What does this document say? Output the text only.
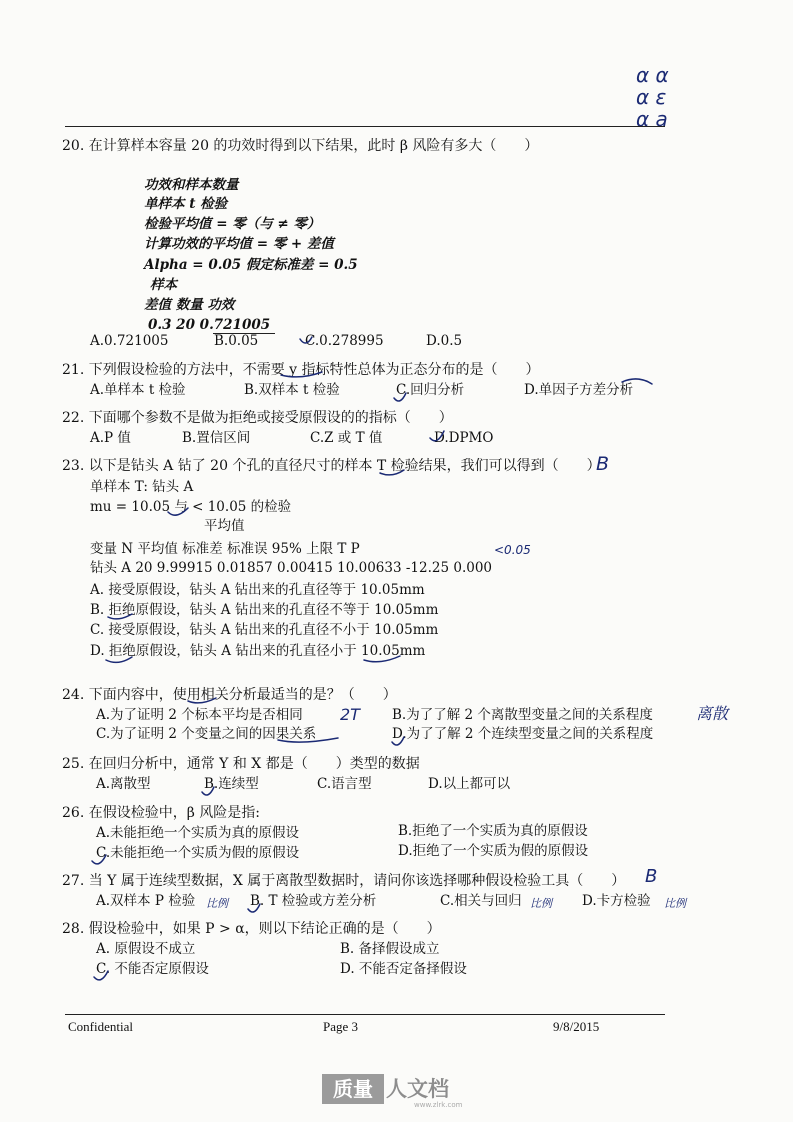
α α
α ε
α a
20. 在计算样本容量 20 的功效时得到以下结果，此时 β 风险有多大（　　）
功效和样本数量
单样本 t 检验
检验平均值 = 零（与 ≠ 零）
计算功效的平均值 = 零 + 差值
Alpha = 0.05 假定标准差 = 0.5
样本
差值 数量 功效
0.3 20 0.721005
A.0.721005	B.0.05	C.0.278995	D.0.5
21. 下列假设检验的方法中，不需要 y 指标特性总体为正态分布的是（　　）
A.单样本 t 检验	B.双样本 t 检验	C.回归分析	D.单因子方差分析
22. 下面哪个参数不是做为拒绝或接受原假设的的指标（　　）
A.P 值	B.置信区间	C.Z 或 T 值	D.DPMO
23. 以下是钻头 A 钻了 20 个孔的直径尺寸的样本 T 检验结果，我们可以得到（　　）
B
单样本 T: 钻头 A
mu = 10.05 与 < 10.05 的检验
平均值
变量 N 平均值 标准差 标准误 95% 上限 T P	<0.05
钻头 A 20 9.99915 0.01857 0.00415 10.00633 -12.25 0.000
A. 接受原假设，钻头 A 钻出来的孔直径等于 10.05mm
B. 拒绝原假设，钻头 A 钻出来的孔直径不等于 10.05mm
C. 接受原假设，钻头 A 钻出来的孔直径不小于 10.05mm
D. 拒绝原假设，钻头 A 钻出来的孔直径小于 10.05mm
24. 下面内容中，使用相关分析最适当的是？（　　）
A.为了证明 2 个标本平均是否相同 2T B.为了了解 2 个离散型变量之间的关系程度	离散
C.为了证明 2 个变量之间的因果关系	D.为了了解 2 个连续型变量之间的关系程度
25. 在回归分析中，通常 Y 和 X 都是（　　）类型的数据
A.离散型	B.连续型	C.语言型	D.以上都可以
26. 在假设检验中，β 风险是指:
A.未能拒绝一个实质为真的原假设	B.拒绝了一个实质为真的原假设
C.未能拒绝一个实质为假的原假设	D.拒绝了一个实质为假的原假设
27. 当 Y 属于连续型数据，X 属于离散型数据时，请问你该选择哪种假设检验工具（　　） B
A.双样本 P 检验 比例 B. T 检验或方差分析	C.相关与回归 比例 D.卡方检验 比例
28. 假设检验中，如果 P > α，则以下结论正确的是（　　）
A. 原假设不成立	B. 备择假设成立
C. 不能否定原假设	D. 不能否定备择假设
Confidential	Page 3	9/8/2015
质量 人文档
www.zlrk.com
